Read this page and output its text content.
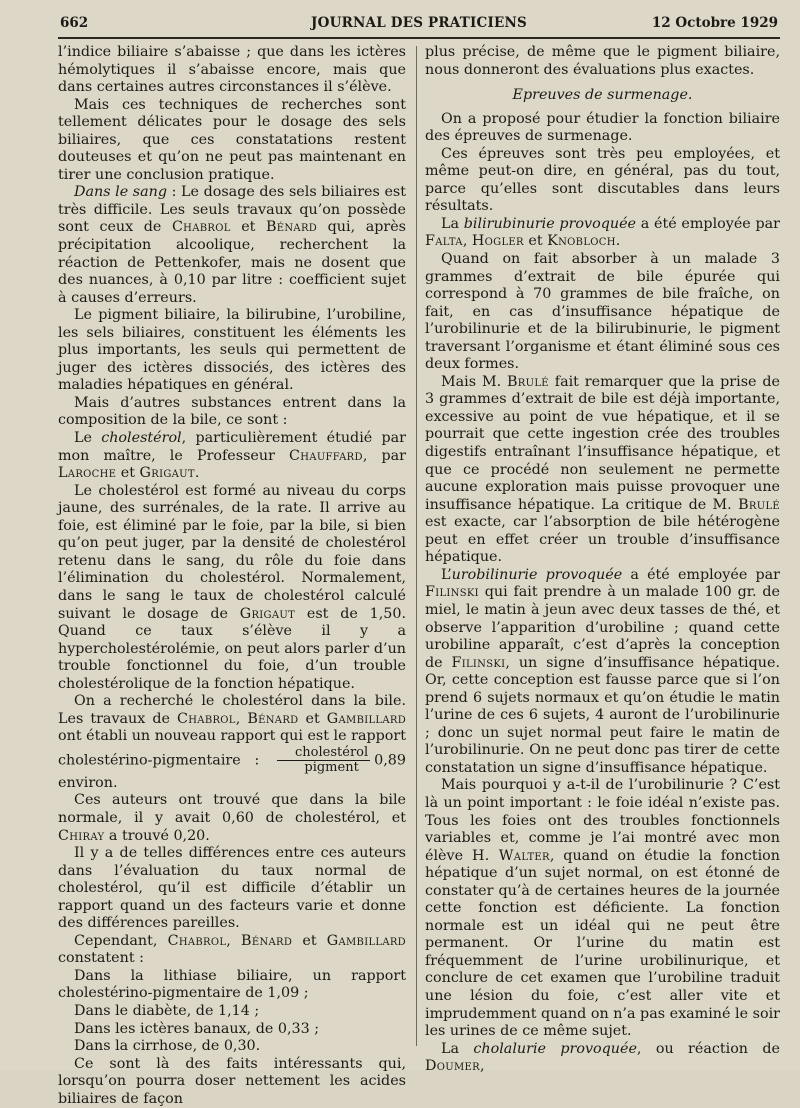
662	JOURNAL DES PRATICIENS	12 Octobre 1929

l’indice biliaire s’abaisse ; que dans les ictères hémolytiques il s’abaisse encore, mais que dans certaines autres circonstances il s’élève.

Mais ces techniques de recherches sont tellement délicates pour le dosage des sels biliaires, que ces constatations restent douteuses et qu’on ne peut pas maintenant en tirer une conclusion pratique.

Dans le sang : Le dosage des sels biliaires est très difficile. Les seuls travaux qu’on possède sont ceux de Chabrol et Bénard qui, après précipitation alcoolique, recherchent la réaction de Pettenkofer, mais ne dosent que des nuances, à 0,10 par litre : coefficient sujet à causes d’erreurs.

Le pigment biliaire, la bilirubine, l’urobiline, les sels biliaires, constituent les éléments les plus importants, les seuls qui permettent de juger des ictères dissociés, des ictères des maladies hépatiques en général.

Mais d’autres substances entrent dans la composition de la bile, ce sont :

Le cholestérol, particulièrement étudié par mon maître, le Professeur Chauffard, par Laroche et Grigaut.

Le cholestérol est formé au niveau du corps jaune, des surrénales, de la rate. Il arrive au foie, est éliminé par le foie, par la bile, si bien qu’on peut juger, par la densité de cholestérol retenu dans le sang, du rôle du foie dans l’élimination du cholestérol. Normalement, dans le sang le taux de cholestérol calculé suivant le dosage de Grigaut est de 1,50. Quand ce taux s’élève il y a hypercholestérolémie, on peut alors parler d’un trouble fonctionnel du foie, d’un trouble cholestérolique de la fonction hépatique.

On a recherché le cholestérol dans la bile. Les travaux de Chabrol, Bénard et Gambillard ont établi un nouveau rapport qui est le rapport cholestérino-pigmentaire : $\frac{\text{cholestérol}}{\text{pigment}} 0,89$ environ.

Ces auteurs ont trouvé que dans la bile normale, il y avait 0,60 de cholestérol, et Chiray a trouvé 0,20.

Il y a de telles différences entre ces auteurs dans l’évaluation du taux normal de cholestérol, qu’il est difficile d’établir un rapport quand un des facteurs varie et donne des différences pareilles.

Cependant, Chabrol, Bénard et Gambillard constatent :

Dans la lithiase biliaire, un rapport cholestérino-pigmentaire de 1,09 ;

Dans le diabète, de 1,14 ;

Dans les ictères banaux, de 0,33 ;

Dans la cirrhose, de 0,30.

Ce sont là des faits intéressants qui, lorsqu’on pourra doser nettement les acides biliaires de façon

plus précise, de même que le pigment biliaire, nous donneront des évaluations plus exactes.

Epreuves de surmenage.

On a proposé pour étudier la fonction biliaire des épreuves de surmenage.

Ces épreuves sont très peu employées, et même peut-on dire, en général, pas du tout, parce qu’elles sont discutables dans leurs résultats.

La bilirubinurie provoquée a été employée par Falta, Hogler et Knobloch.

Quand on fait absorber à un malade 3 grammes d’extrait de bile épurée qui correspond à 70 grammes de bile fraîche, on fait, en cas d’insuffisance hépatique de l’urobilinurie et de la bilirubinurie, le pigment traversant l’organisme et étant éliminé sous ces deux formes.

Mais M. Brulé fait remarquer que la prise de 3 grammes d’extrait de bile est déjà importante, excessive au point de vue hépatique, et il se pourrait que cette ingestion crée des troubles digestifs entraînant l’insuffisance hépatique, et que ce procédé non seulement ne permette aucune exploration mais puisse provoquer une insuffisance hépatique. La critique de M. Brulé est exacte, car l’absorption de bile hétérogène peut en effet créer un trouble d’insuffisance hépatique.

L’urobilinurie provoquée a été employée par Filinski qui fait prendre à un malade 100 gr. de miel, le matin à jeun avec deux tasses de thé, et observe l’apparition d’urobiline ; quand cette urobiline apparaît, c’est d’après la conception de Filinski, un signe d’insuffisance hépatique. Or, cette conception est fausse parce que si l’on prend 6 sujets normaux et qu’on étudie le matin l’urine de ces 6 sujets, 4 auront de l’urobilinurie ; donc un sujet normal peut faire le matin de l’urobilinurie. On ne peut donc pas tirer de cette constatation un signe d’insuffisance hépatique.

Mais pourquoi y a-t-il de l’urobilinurie ? C’est là un point important : le foie idéal n’existe pas. Tous les foies ont des troubles fonctionnels variables et, comme je l’ai montré avec mon élève H. Walter, quand on étudie la fonction hépatique d’un sujet normal, on est étonné de constater qu’à de certaines heures de la journée cette fonction est déficiente. La fonction normale est un idéal qui ne peut être permanent. Or l’urine du matin est fréquemment de l’urine urobilinurique, et conclure de cet examen que l’urobiline traduit une lésion du foie, c’est aller vite et imprudemment quand on n’a pas examiné le soir les urines de ce même sujet.

La cholalurie provoquée, ou réaction de Doumer,
